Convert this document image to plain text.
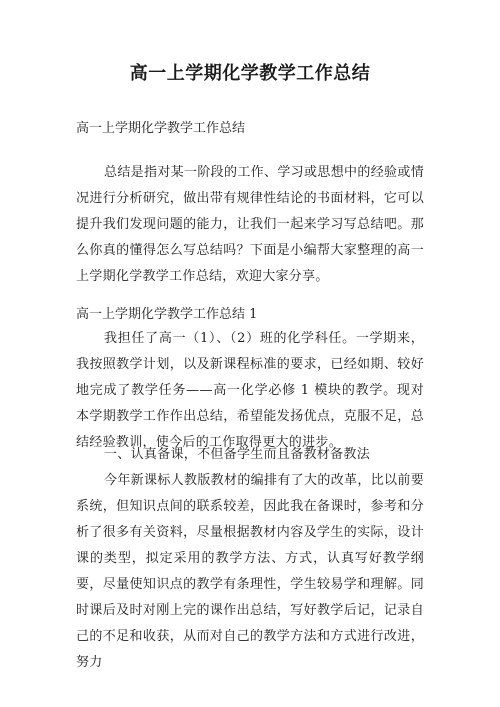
高一上学期化学教学工作总结
高一上学期化学教学工作总结
总结是指对某一阶段的工作、学习或思想中的经验或情况进行分析研究，做出带有规律性结论的书面材料，它可以提升我们发现问题的能力，让我们一起来学习写总结吧。那么你真的懂得怎么写总结吗？下面是小编帮大家整理的高一上学期化学教学工作总结，欢迎大家分享。
高一上学期化学教学工作总结 1
我担任了高一（1）、（2）班的化学科任。一学期来，我按照教学计划，以及新课程标准的要求，已经如期、较好地完成了教学任务——高一化学必修 1 模块的教学。现对本学期教学工作作出总结，希望能发扬优点，克服不足，总结经验教训，使今后的工作取得更大的进步。
一、认真备课，不但备学生而且备教材备教法
今年新课标人教版教材的编排有了大的改革，比以前要系统，但知识点间的联系较差，因此我在备课时，参考和分析了很多有关资料，尽量根据教材内容及学生的实际，设计课的类型，拟定采用的教学方法、方式，认真写好教学纲要，尽量使知识点的教学有条理性，学生较易学和理解。同时课后及时对刚上完的课作出总结，写好教学后记，记录自己的不足和收获，从而对自己的教学方法和方式进行改进，努力
